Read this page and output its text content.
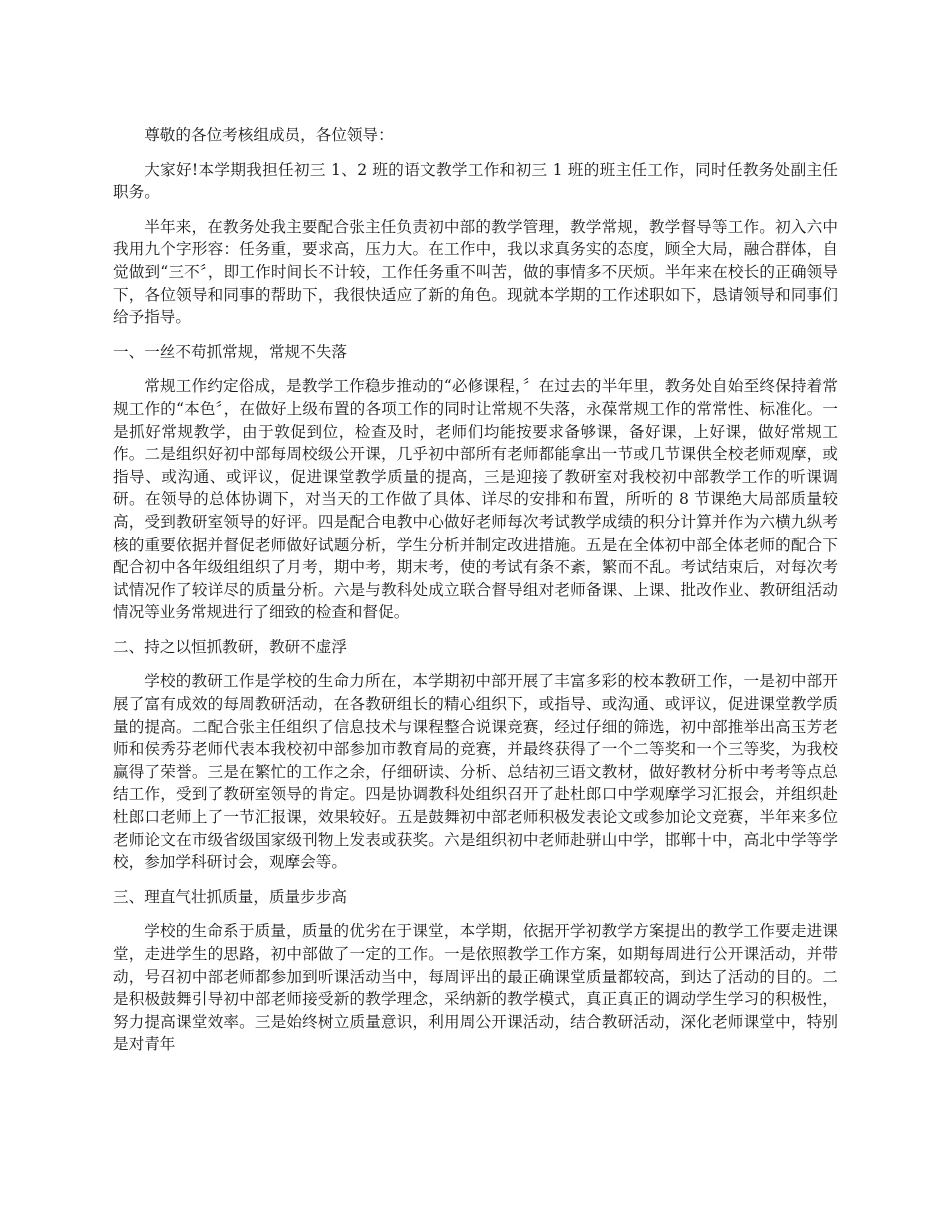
尊敬的各位考核组成员，各位领导：

大家好!本学期我担任初三 1、2 班的语文教学工作和初三 1 班的班主任工作，同时任教务处副主任职务。

半年来，在教务处我主要配合张主任负责初中部的教学管理，教学常规，教学督导等工作。初入六中我用九个字形容：任务重，要求高，压力大。在工作中，我以求真务实的态度，顾全大局，融合群体，自觉做到“三不〞，即工作时间长不计较，工作任务重不叫苦，做的事情多不厌烦。半年来在校长的正确领导下，各位领导和同事的帮助下，我很快适应了新的角色。现就本学期的工作述职如下，恳请领导和同事们给予指导。

一、一丝不苟抓常规，常规不失落

常规工作约定俗成，是教学工作稳步推动的“必修课程，〞在过去的半年里，教务处自始至终保持着常规工作的“本色〞，在做好上级布置的各项工作的同时让常规不失落，永葆常规工作的常常性、标准化。一是抓好常规教学，由于敦促到位，检查及时，老师们均能按要求备够课，备好课，上好课，做好常规工作。二是组织好初中部每周校级公开课，几乎初中部所有老师都能拿出一节或几节课供全校老师观摩，或指导、或沟通、或评议，促进课堂教学质量的提高，三是迎接了教研室对我校初中部教学工作的听课调研。在领导的总体协调下，对当天的工作做了具体、详尽的安排和布置，所听的 8 节课绝大局部质量较高，受到教研室领导的好评。四是配合电教中心做好老师每次考试教学成绩的积分计算并作为六横九纵考核的重要依据并督促老师做好试题分析，学生分析并制定改进措施。五是在全体初中部全体老师的配合下配合初中各年级组组织了月考，期中考，期末考，使的考试有条不紊，繁而不乱。考试结束后，对每次考试情况作了较详尽的质量分析。六是与教科处成立联合督导组对老师备课、上课、批改作业、教研组活动情况等业务常规进行了细致的检查和督促。

二、持之以恒抓教研，教研不虚浮

学校的教研工作是学校的生命力所在，本学期初中部开展了丰富多彩的校本教研工作，一是初中部开展了富有成效的每周教研活动，在各教研组长的精心组织下，或指导、或沟通、或评议，促进课堂教学质量的提高。二配合张主任组织了信息技术与课程整合说课竞赛，经过仔细的筛选，初中部推举出高玉芳老师和侯秀芬老师代表本我校初中部参加市教育局的竞赛，并最终获得了一个二等奖和一个三等奖，为我校赢得了荣誉。三是在繁忙的工作之余，仔细研读、分析、总结初三语文教材，做好教材分析中考考等点总结工作，受到了教研室领导的肯定。四是协调教科处组织召开了赴杜郎口中学观摩学习汇报会，并组织赴杜郎口老师上了一节汇报课，效果较好。五是鼓舞初中部老师积极发表论文或参加论文竞赛，半年来多位老师论文在市级省级国家级刊物上发表或获奖。六是组织初中老师赴骈山中学，邯郸十中，高北中学等学校，参加学科研讨会，观摩会等。

三、理直气壮抓质量，质量步步高

学校的生命系于质量，质量的优劣在于课堂，本学期，依据开学初教学方案提出的教学工作要走进课堂，走进学生的思路，初中部做了一定的工作。一是依照教学工作方案，如期每周进行公开课活动，并带动，号召初中部老师都参加到听课活动当中，每周评出的最正确课堂质量都较高，到达了活动的目的。二是积极鼓舞引导初中部老师接受新的教学理念，采纳新的教学模式，真正真正的调动学生学习的积极性，努力提高课堂效率。三是始终树立质量意识，利用周公开课活动，结合教研活动，深化老师课堂中，特别是对青年
